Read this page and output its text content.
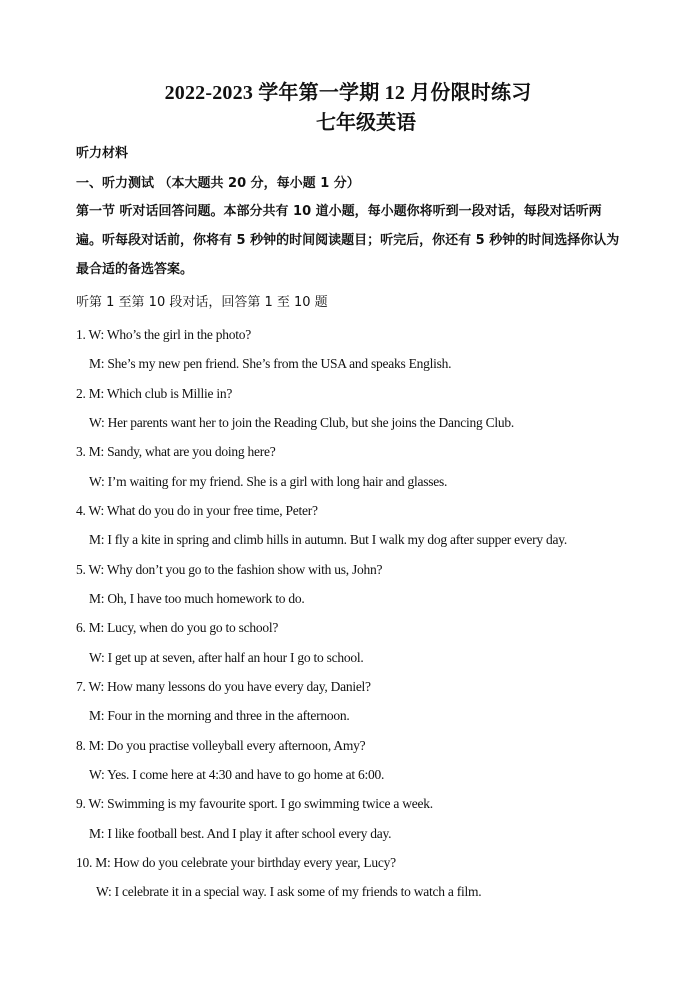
2022-2023 学年第一学期 12 月份限时练习
七年级英语
听力材料
一、听力测试 （本大题共 20 分，每小题 1 分）
第一节 听对话回答问题。本部分共有 10 道小题，每小题你将听到一段对话，每段对话听两遍。听每段对话前，你将有 5 秒钟的时间阅读题目；听完后，你还有 5 秒钟的时间选择你认为最合适的备选答案。
听第 1 至第 10 段对话，回答第 1 至 10 题
1. W: Who’s the girl in the photo?
M: She’s my new pen friend. She’s from the USA and speaks English.
2. M: Which club is Millie in?
W: Her parents want her to join the Reading Club, but she joins the Dancing Club.
3. M: Sandy, what are you doing here?
W: I’m waiting for my friend. She is a girl with long hair and glasses.
4. W: What do you do in your free time, Peter?
M: I fly a kite in spring and climb hills in autumn. But I walk my dog after supper every day.
5. W: Why don’t you go to the fashion show with us, John?
M: Oh, I have too much homework to do.
6. M: Lucy, when do you go to school?
W: I get up at seven, after half an hour I go to school.
7. W: How many lessons do you have every day, Daniel?
M: Four in the morning and three in the afternoon.
8. M: Do you practise volleyball every afternoon, Amy?
W: Yes. I come here at 4:30 and have to go home at 6:00.
9. W: Swimming is my favourite sport. I go swimming twice a week.
M: I like football best. And I play it after school every day.
10. M: How do you celebrate your birthday every year, Lucy?
W: I celebrate it in a special way. I ask some of my friends to watch a film.
